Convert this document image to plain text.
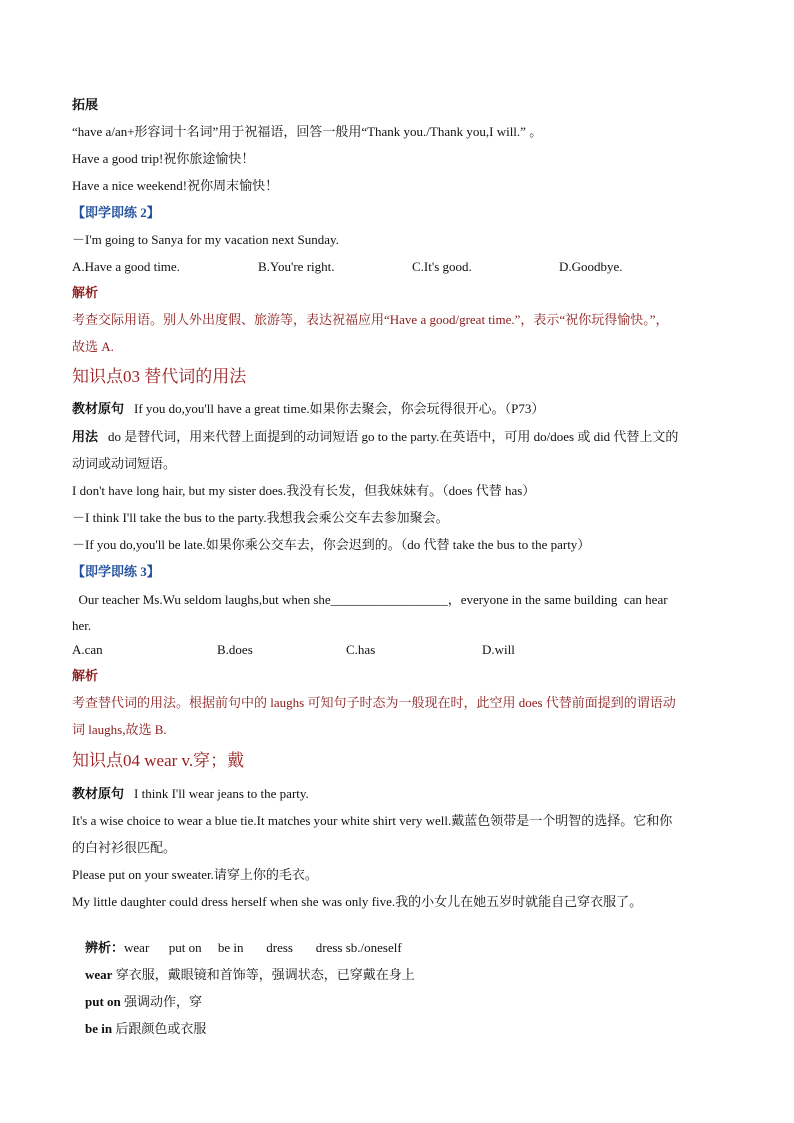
拓展
“have a/an+形容词十名词”用于祝福语，回答一般用“Thank you./Thank you,I will.” 。
Have a good trip!祝你旅途愉快！
Have a nice weekend!祝你周末愉快！
【即学即练 2】
－I'm going to Sanya for my vacation next Sunday.
A.Have a good time.	B.You're right.	C.It's good.	D.Goodbye.
解析
考查交际用语。别人外出度假、旅游等，表达祝福应用“Have a good/great time.”，表示“祝你玩得愉快。”，
故选 A.
知识点03 替代词的用法
教材原句 If you do,you'll have a great time.如果你去聚会，你会玩得很开心。（P73）
用法 do 是替代词，用来代替上面提到的动词短语 go to the party.在英语中，可用 do/does 或 did 代替上文的
动词或动词短语。
I don't have long hair, but my sister does.我没有长发，但我妹妹有。（does 代替 has）
－I think I'll take the bus to the party.我想我会乘公交车去参加聚会。
－If you do,you'll be late.如果你乘公交车去，你会迟到的。（do 代替 take the bus to the party）
【即学即练 3】
Our teacher Ms.Wu seldom laughs,but when she__________________，everyone in the same building  can hear
her.
A.can	B.does	C.has	D.will
解析
考查替代词的用法。根据前句中的 laughs 可知句子时态为一般现在时，此空用 does 代替前面提到的谓语动
词 laughs,故选 B.
知识点04 wear v.穿；戴
教材原句 I think I'll wear jeans to the party.
It's a wise choice to wear a blue tie.It matches your white shirt very well.戴蓝色领带是一个明智的选择。它和你
的白衬衫很匹配。
Please put on your sweater.请穿上你的毛衣。
My little daughter could dress herself when she was only five.我的小女儿在她五岁时就能自己穿衣服了。

辨析：wear      put on     be in       dress       dress sb./oneself

wear 穿衣服，戴眼镜和首饰等，强调状态，已穿戴在身上

put on 强调动作，穿

be in 后跟颜色或衣服
